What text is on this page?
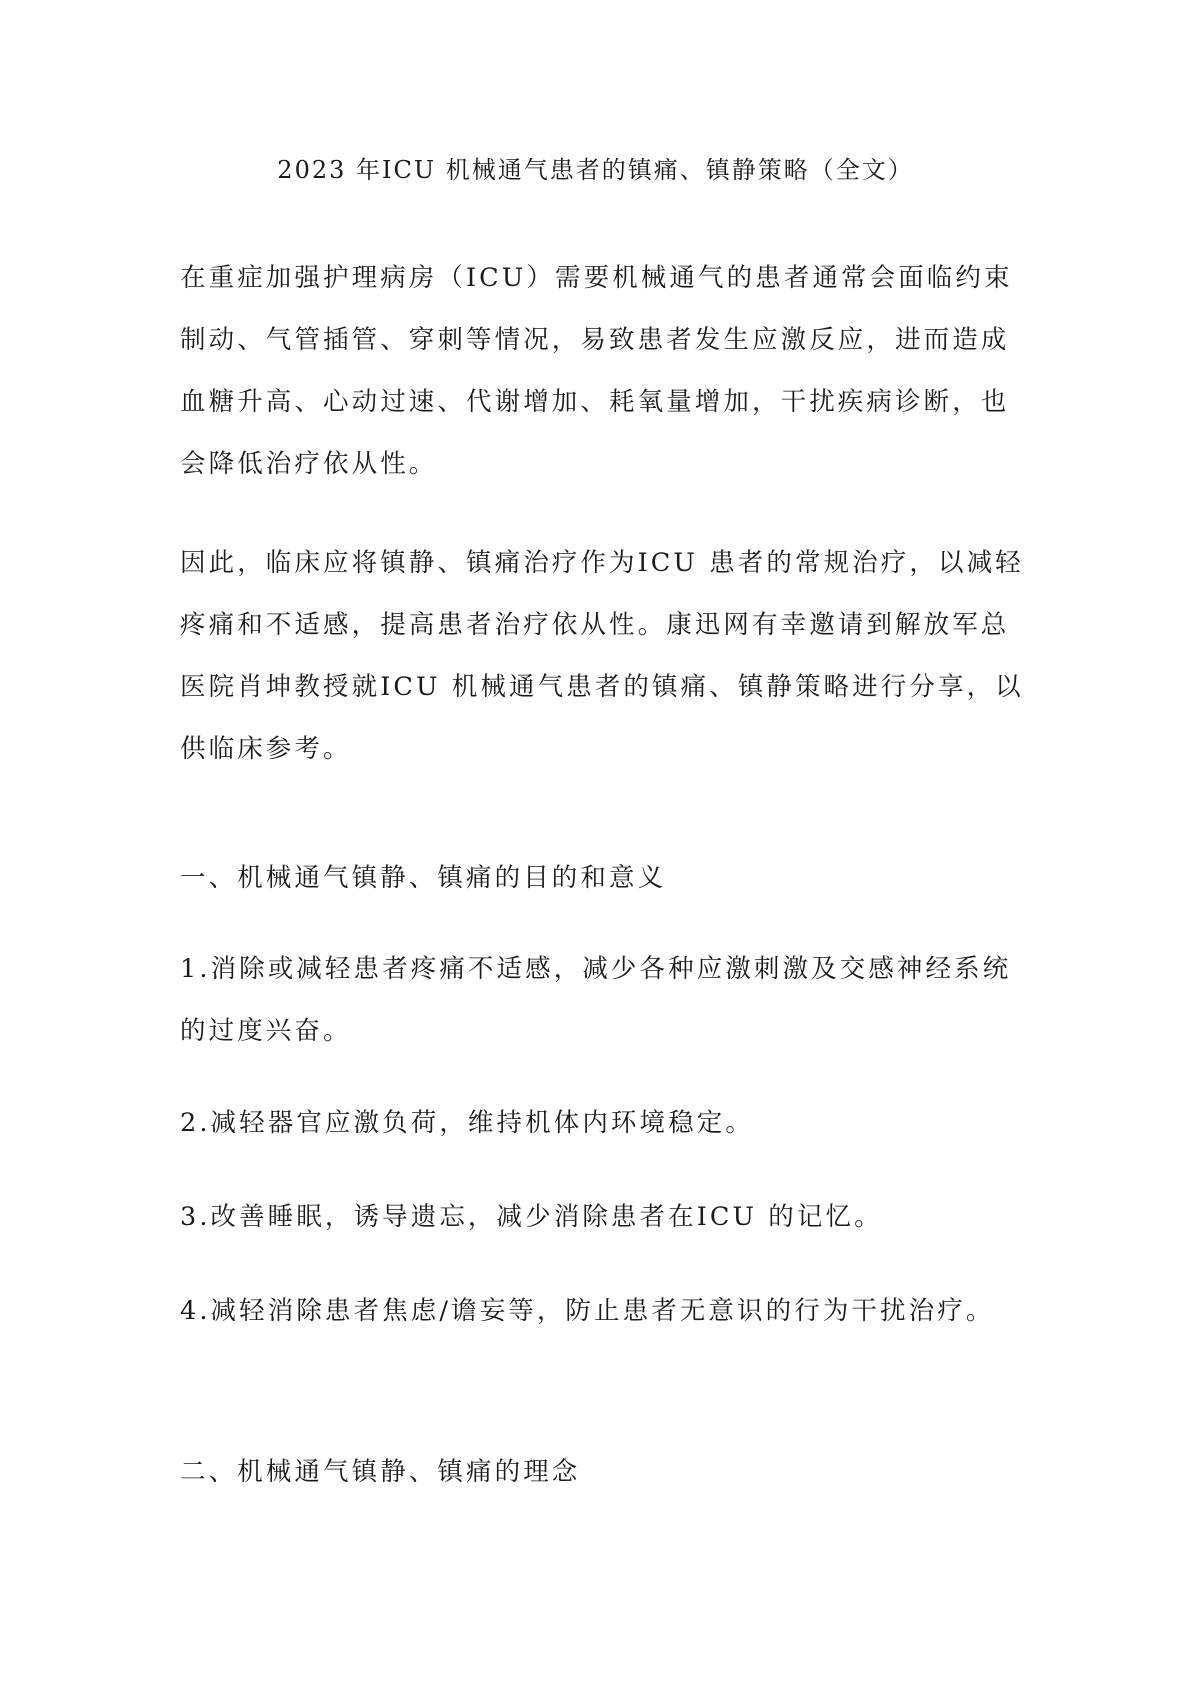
2023 年ICU 机械通气患者的镇痛、镇静策略（全文）

在重症加强护理病房（ICU）需要机械通气的患者通常会面临约束
制动、气管插管、穿刺等情况，易致患者发生应激反应，进而造成
血糖升高、心动过速、代谢增加、耗氧量增加，干扰疾病诊断，也
会降低治疗依从性。

因此，临床应将镇静、镇痛治疗作为ICU 患者的常规治疗，以减轻
疼痛和不适感，提高患者治疗依从性。康迅网有幸邀请到解放军总
医院肖坤教授就ICU 机械通气患者的镇痛、镇静策略进行分享，以
供临床参考。

一、机械通气镇静、镇痛的目的和意义

1.消除或减轻患者疼痛不适感，减少各种应激刺激及交感神经系统
的过度兴奋。

2.减轻器官应激负荷，维持机体内环境稳定。

3.改善睡眠，诱导遗忘，减少消除患者在ICU 的记忆。

4.减轻消除患者焦虑/谵妄等，防止患者无意识的行为干扰治疗。

二、机械通气镇静、镇痛的理念
